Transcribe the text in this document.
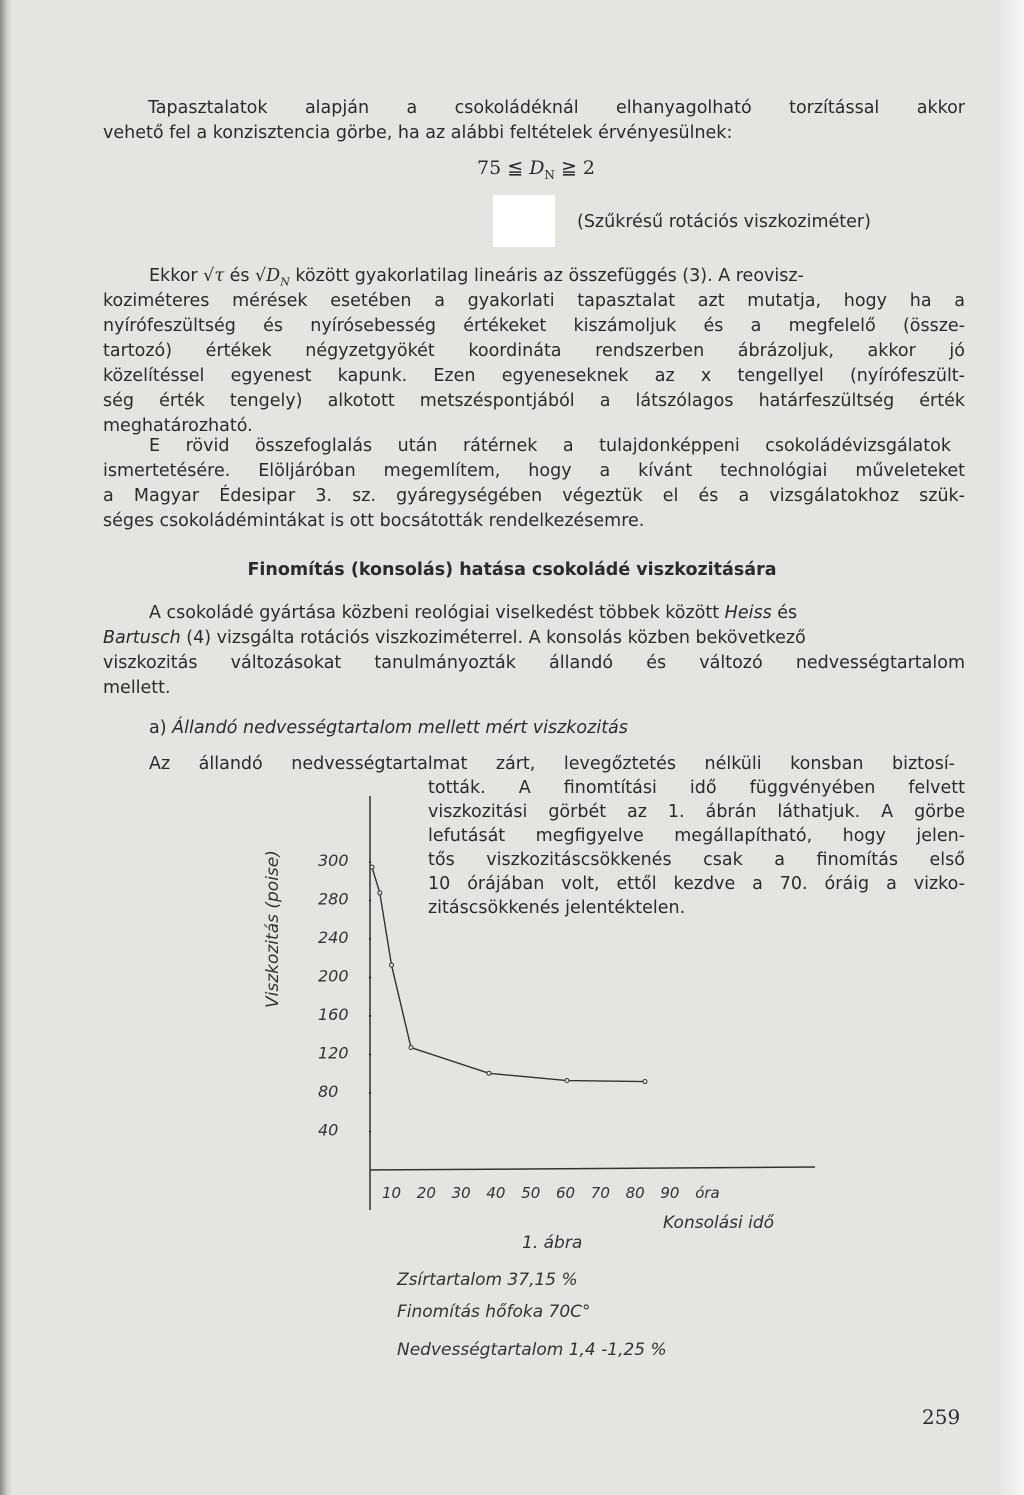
Tapasztalatok alapján a csokoládéknál elhanyagolható torzítással akkor
vehető fel a konzisztencia görbe, ha az alábbi feltételek érvényesülnek:
75 ≦ $D_N$ ≧ 2
(Szűkrésű rotációs viszkoziméter)
Ekkor √τ és $√D_N$ között gyakorlatilag lineáris az összefüggés (3). A reovisz-
koziméteres mérések esetében a gyakorlati tapasztalat azt mutatja, hogy ha a
nyírófeszültség és nyírósebesség értékeket kiszámoljuk és a megfelelő (össze-
tartozó) értékek négyzetgyökét koordináta rendszerben ábrázoljuk, akkor jó
közelítéssel egyenest kapunk. Ezen egyeneseknek az x tengellyel (nyírófeszült-
ség érték tengely) alkotott metszéspontjából a látszólagos határfeszültség érték
meghatározható.
E rövid összefoglalás után rátérnek a tulajdonképpeni csokoládévizsgálatok
ismertetésére. Elöljáróban megemlítem, hogy a kívánt technológiai műveleteket
a Magyar Édesipar 3. sz. gyáregységében végeztük el és a vizsgálatokhoz szük-
séges csokoládémintákat is ott bocsátották rendelkezésemre.
Finomítás (konsolás) hatása csokoládé viszkozitására
A csokoládé gyártása közbeni reológiai viselkedést többek között Heiss és
Bartusch (4) vizsgálta rotációs viszkoziméterrel. A konsolás közben bekövetkező
viszkozitás változásokat tanulmányozták állandó és változó nedvességtartalom
mellett.
a) Állandó nedvességtartalom mellett mért viszkozitás
Az állandó nedvességtartalmat zárt, levegőztetés nélküli konsban biztosí-
tották. A finomtítási idő függvényében felvett
viszkozitási görbét az 1. ábrán láthatjuk. A görbe
lefutását megfigyelve megállapítható, hogy jelen-
tős viszkozitáscsökkenés csak a finomítás első
10 órájában volt, ettől kezdve a 70. óráig a vizko-
zitáscsökkenés jelentéktelen.
Viszkozitás (poise) 300
280
240
200
160
120
80
40
10 20 30 40 50 60 70 80 90 óra
Konsolási idő
1. ábra
Zsírtartalom 37,15 %
Finomítás hőfoka 70C°
Nedvességtartalom 1,4 -1,25 %
259
